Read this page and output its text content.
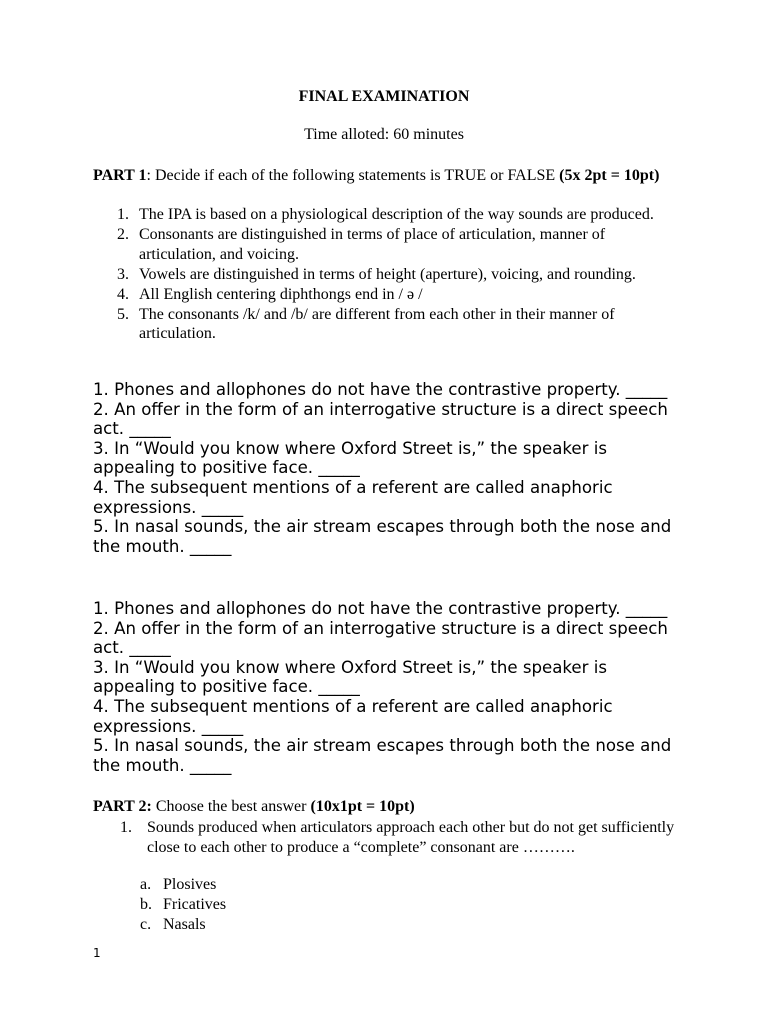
FINAL EXAMINATION
Time alloted: 60 minutes
PART 1: Decide if each of the following statements is TRUE or FALSE (5x 2pt = 10pt)
1. The IPA is based on a physiological description of the way sounds are produced.
2. Consonants are distinguished in terms of place of articulation, manner of articulation, and voicing.
3. Vowels are distinguished in terms of height (aperture), voicing, and rounding.
4. All English centering diphthongs end in / ə /
5. The consonants /k/ and /b/ are different from each other in their manner of articulation.

1. Phones and allophones do not have the contrastive property. _____

2. An offer in the form of an interrogative structure is a direct speech act. _____

3. In “Would you know where Oxford Street is,” the speaker is appealing to positive face. _____

4. The subsequent mentions of a referent are called anaphoric expressions. _____

5. In nasal sounds, the air stream escapes through both the nose and the mouth. _____

1. Phones and allophones do not have the contrastive property. _____

2. An offer in the form of an interrogative structure is a direct speech act. _____

3. In “Would you know where Oxford Street is,” the speaker is appealing to positive face. _____

4. The subsequent mentions of a referent are called anaphoric expressions. _____

5. In nasal sounds, the air stream escapes through both the nose and the mouth. _____

PART 2: Choose the best answer (10x1pt = 10pt)
1. Sounds produced when articulators approach each other but do not get sufficiently close to each other to produce a “complete” consonant are ……….
a. Plosives
b. Fricatives
c. Nasals
1
